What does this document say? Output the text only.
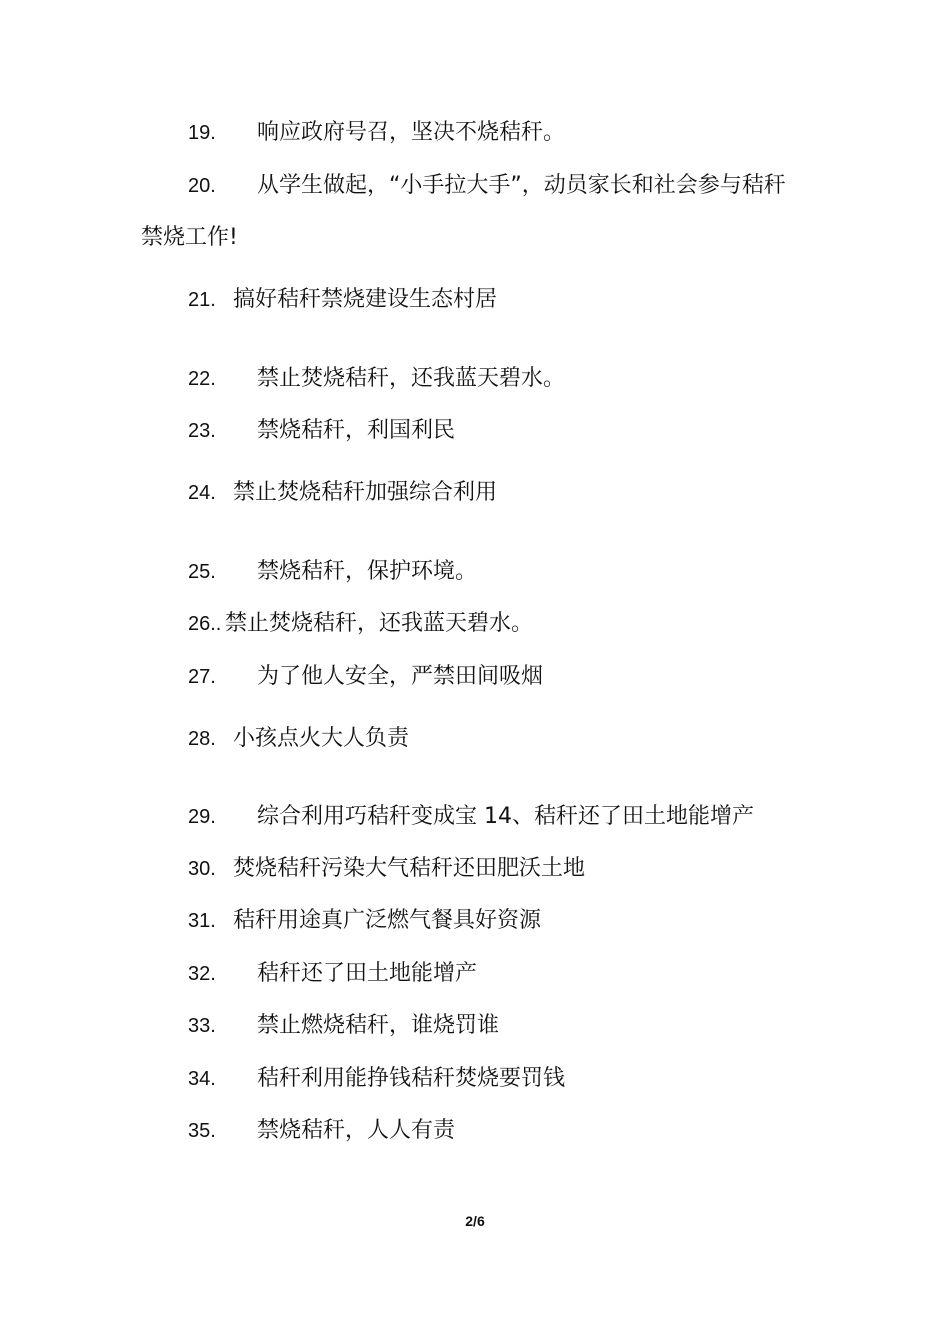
19. 响应政府号召，坚决不烧秸秆。
20. 从学生做起，“小手拉大手”，动员家长和社会参与秸秆
禁烧工作!
21. 搞好秸秆禁烧建设生态村居
22. 禁止焚烧秸秆，还我蓝天碧水。
23. 禁烧秸秆，利国利民
24. 禁止焚烧秸秆加强综合利用
25. 禁烧秸秆，保护环境。
26.. 禁止焚烧秸秆，还我蓝天碧水。
27. 为了他人安全，严禁田间吸烟
28. 小孩点火大人负责
29. 综合利用巧秸秆变成宝 14、秸秆还了田土地能增产
30. 焚烧秸秆污染大气秸秆还田肥沃土地
31. 秸秆用途真广泛燃气餐具好资源
32. 秸秆还了田土地能增产
33. 禁止燃烧秸秆，谁烧罚谁
34. 秸秆利用能挣钱秸秆焚烧要罚钱
35. 禁烧秸秆，人人有责
2/6
